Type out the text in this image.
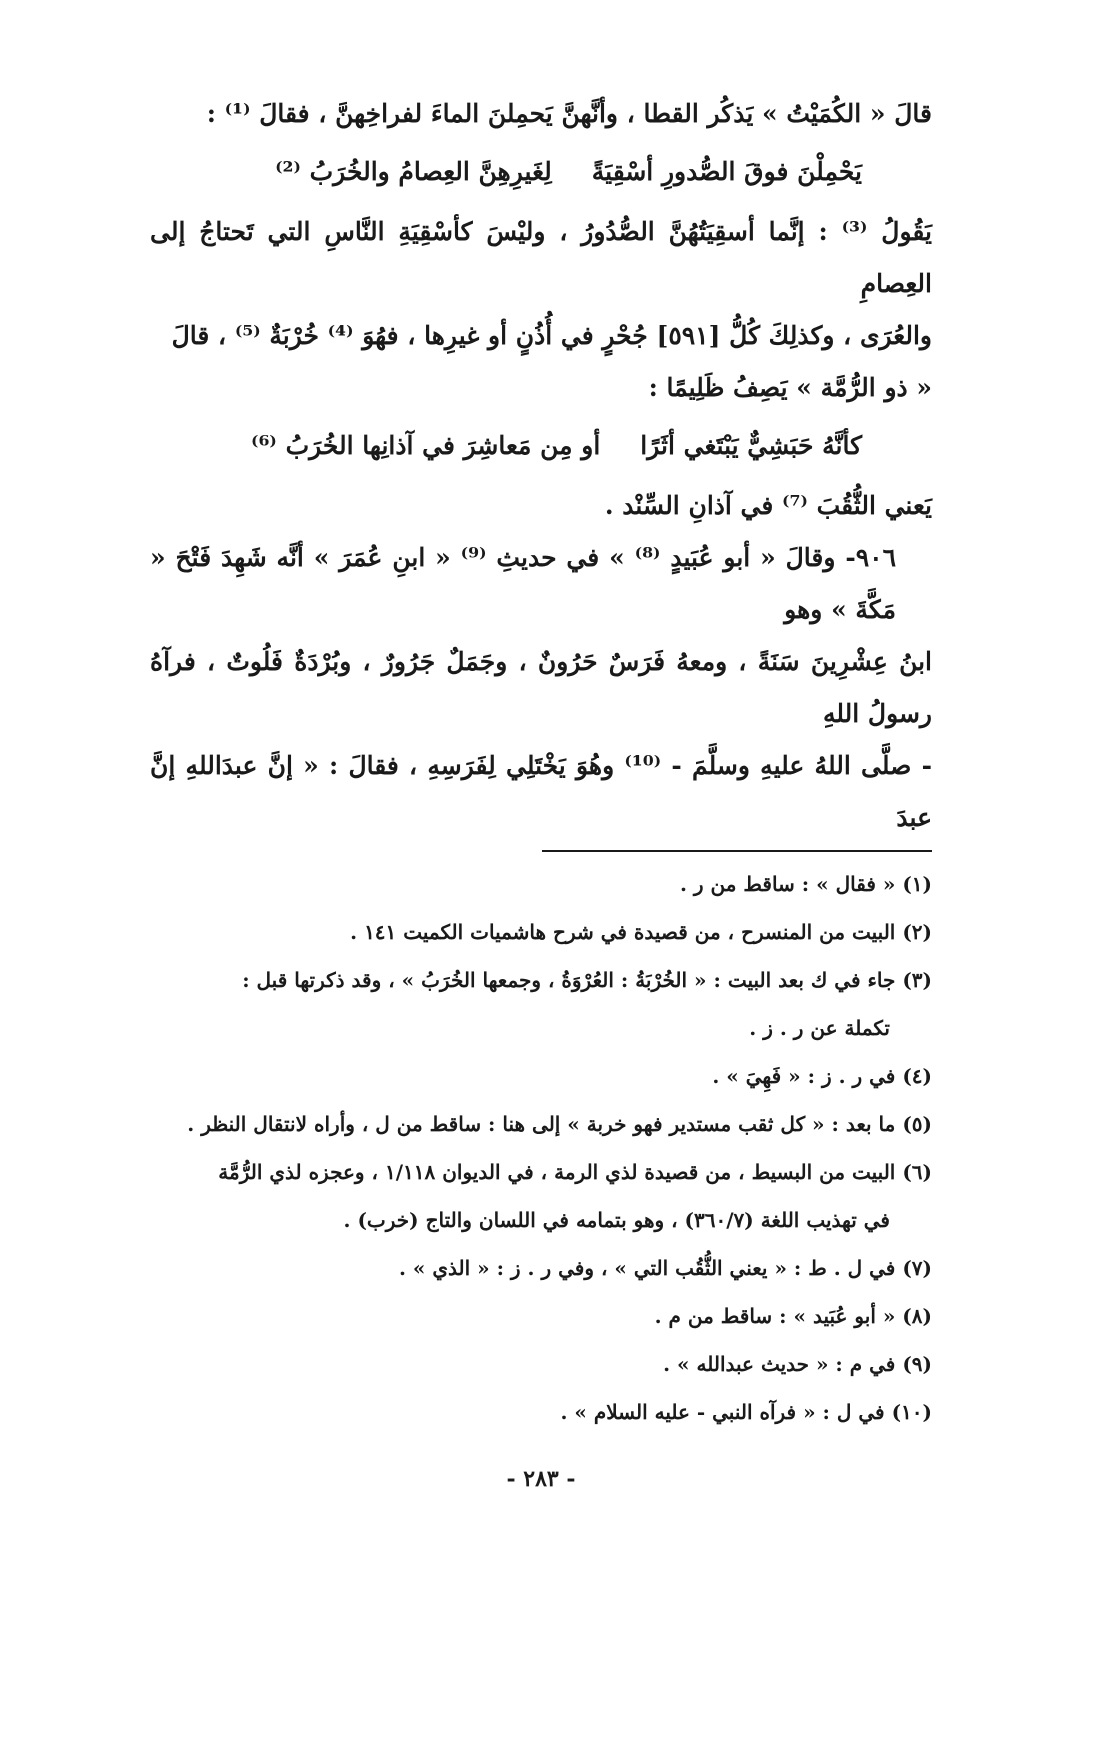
قالَ « الكُمَيْتُ » يَذكُر القطا ، وأنَّهنَّ يَحمِلنَ الماءَ لفراخِهنَّ ، فقالَ ⁽¹⁾ :

يَحْمِلْنَ فوقَ الصُّدورِ أسْقِيَةً
لِغَيرِهِنَّ العِصامُ والخُرَبُ ⁽²⁾

يَقُولُ ⁽³⁾ : إنَّما أسقِيَتُهُنَّ الصُّدُورُ ، وليْسَ كأسْقِيَةِ النَّاسِ التي تَحتاجُ إلى العِصامِ

والعُرَى ، وكذلِكَ كُلُّ [٥٩١] جُحْرٍ في أُذُنٍ أو غيرِها ، فهُوَ ⁽⁴⁾ خُرْبَةٌ ⁽⁵⁾ ، قالَ

« ذو الرُّمَّة » يَصِفُ ظَلِيمًا :

كأنَّهُ حَبَشِيٌّ يَبْتَغي أثَرًا
أو مِن مَعاشِرَ في آذانِها الخُرَبُ ⁽⁶⁾

يَعني الثُّقُبَ ⁽⁷⁾ في آذانِ السِّنْد .

٩٠٦- وقالَ « أبو عُبَيدٍ ⁽⁸⁾ » في حديثِ ⁽⁹⁾ « ابنِ عُمَرَ » أنَّه شَهِدَ فَتْحَ « مَكَّةَ » وهو

ابنُ عِشْرِينَ سَنَةً ، ومعهُ فَرَسٌ حَرُونٌ ، وجَمَلٌ جَرُورٌ ، وبُرْدَةٌ فَلُوتٌ ، فرآهُ رسولُ اللهِ

- صلَّى اللهُ عليهِ وسلَّمَ - ⁽¹⁰⁾ وهُوَ يَخْتَلِي لِفَرَسِهِ ، فقالَ : « إنَّ عبدَاللهِ إنَّ عبدَ

(١) « فقال » : ساقط من ر .

(٢) البيت من المنسرح ، من قصيدة في شرح هاشميات الكميت ١٤١ .

(٣) جاء في ك بعد البيت : « الخُرْبَةُ : العُرْوَةُ ، وجمعها الخُرَبُ » ، وقد ذكرتها قبل :

تكملة عن ر . ز .

(٤) في ر . ز : « فَهِيَ » .

(٥) ما بعد : « كل ثقب مستدير فهو خربة » إلى هنا : ساقط من ل ، وأراه لانتقال النظر .

(٦) البيت من البسيط ، من قصيدة لذي الرمة ، في الديوان ١/١١٨ ، وعجزه لذي الرُّمَّة

في تهذيب اللغة (٣٦٠/٧) ، وهو بتمامه في اللسان والتاج (خرب) .

(٧) في ل . ط : « يعني الثُّقُب التي » ، وفي ر . ز : « الذي » .

(٨) « أبو عُبَيد » : ساقط من م .

(٩) في م : « حديث عبدالله » .

(١٠) في ل : « فرآه النبي - عليه السلام » .

- ٢٨٣ -
